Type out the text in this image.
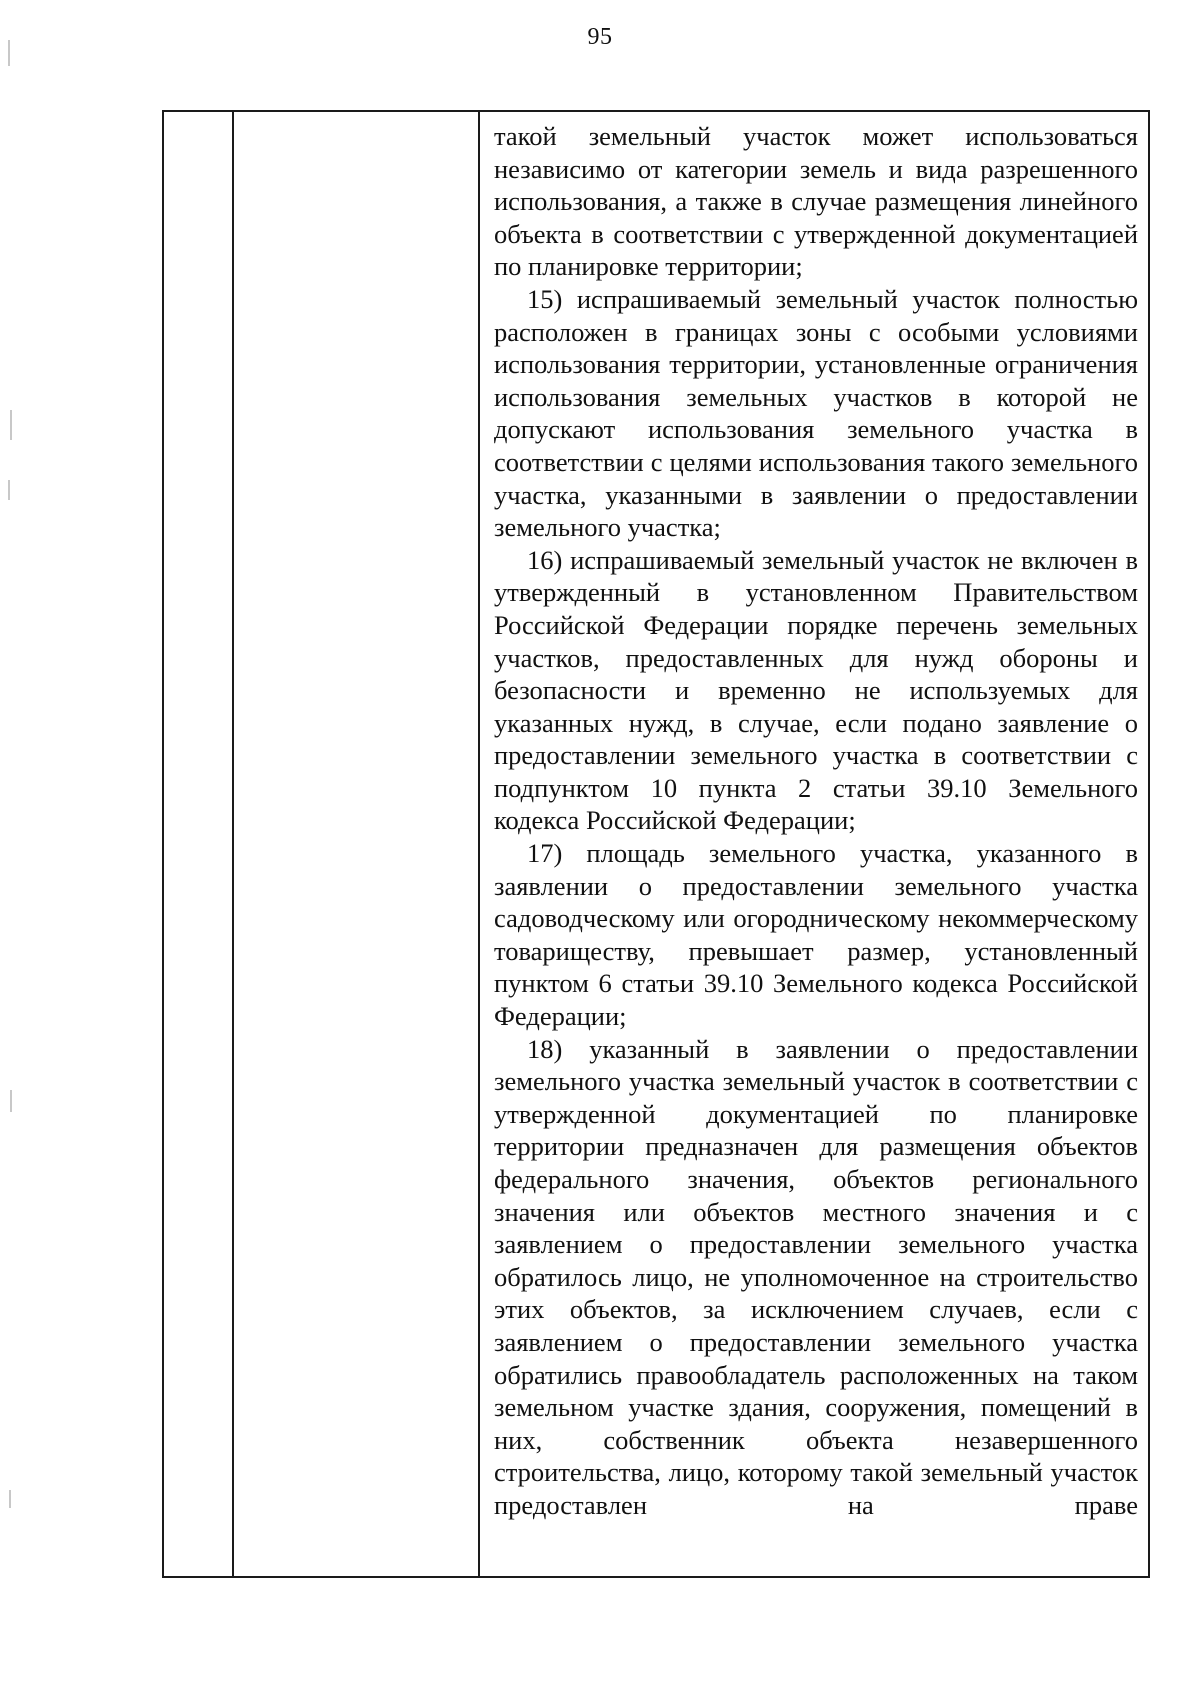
95

такой земельный участок может использоваться независимо от категории земель и вида разрешенного использования, а также в случае размещения линейного объекта в соответствии с утвержденной документацией по планировке территории;

15) испрашиваемый земельный участок полностью расположен в границах зоны с особыми условиями использования территории, установленные ограничения использования земельных участков в которой не допускают использования земельного участка в соответствии с целями использования такого земельного участка, указанными в заявлении о предоставлении земельного участка;

16) испрашиваемый земельный участок не включен в утвержденный в установленном Правительством Российской Федерации порядке перечень земельных участков, предоставленных для нужд обороны и безопасности и временно не используемых для указанных нужд, в случае, если подано заявление о предоставлении земельного участка в соответствии с подпунктом 10 пункта 2 статьи 39.10 Земельного кодекса Российской Федерации;

17) площадь земельного участка, указанного в заявлении о предоставлении земельного участка садоводческому или огородническому некоммерческому товариществу, превышает размер, установленный пунктом 6 статьи 39.10 Земельного кодекса Российской Федерации;

18) указанный в заявлении о предоставлении земельного участка земельный участок в соответствии с утвержденной документацией по планировке территории предназначен для размещения объектов федерального значения, объектов регионального значения или объектов местного значения и с заявлением о предоставлении земельного участка обратилось лицо, не уполномоченное на строительство этих объектов, за исключением случаев, если с заявлением о предоставлении земельного участка обратились правообладатель расположенных на таком земельном участке здания, сооружения, помещений в них, собственник объекта незавершенного строительства, лицо, которому такой земельный участок предоставлен на праве
